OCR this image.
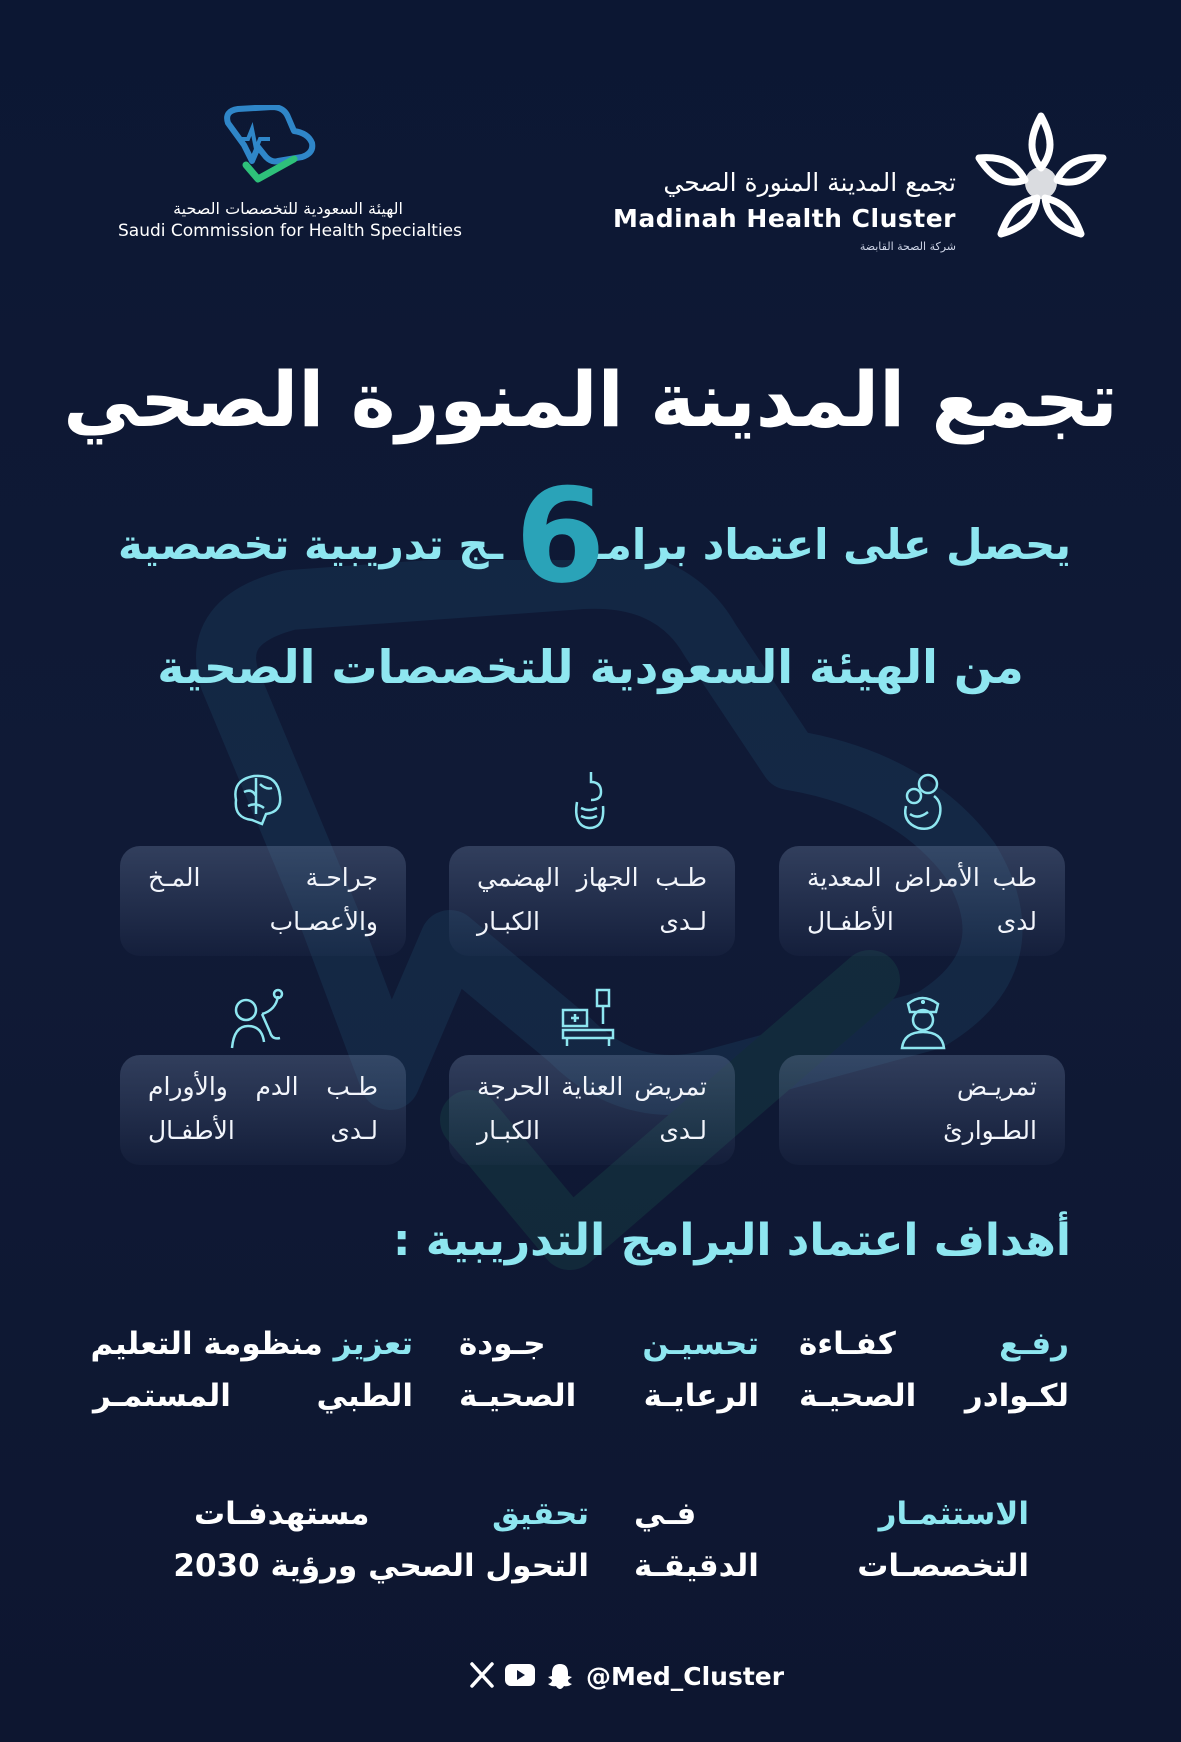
تجمع المدينة المنورة الصحي
Madinah Health Cluster
شركة الصحة القابضة
الهيئة السعودية للتخصصات الصحية
Saudi Commission for Health Specialties
تجمع المدينة المنورة الصحي
يحصل على اعتماد برامـ
6
ـج تدريبية تخصصية
من الهيئة السعودية للتخصصات الصحية
طب الأمراض المعدية
لدى الأطفـال
طـب الجهاز الهضمي
لـدى الكبـار
جراحـة المـخ
والأعصـاب
تمريـض
الطـوارئ
تمريض العناية الحرجة
لـدى الكبـار
طـب الدم والأورام
لـدى الأطفـال
أهداف اعتماد البرامج التدريبية :
رفـع كفـاءة
لكـوادر الصحيـة
تحسيـن جـودة
الرعايـة الصحيـة
تعزيز منظومة التعليم
الطبي المستمـر
الاستثمـار فـي
التخصصـات الدقيقـة
تحقيق مستهدفـات
التحول الصحي ورؤية 2030
@Med_Cluster
